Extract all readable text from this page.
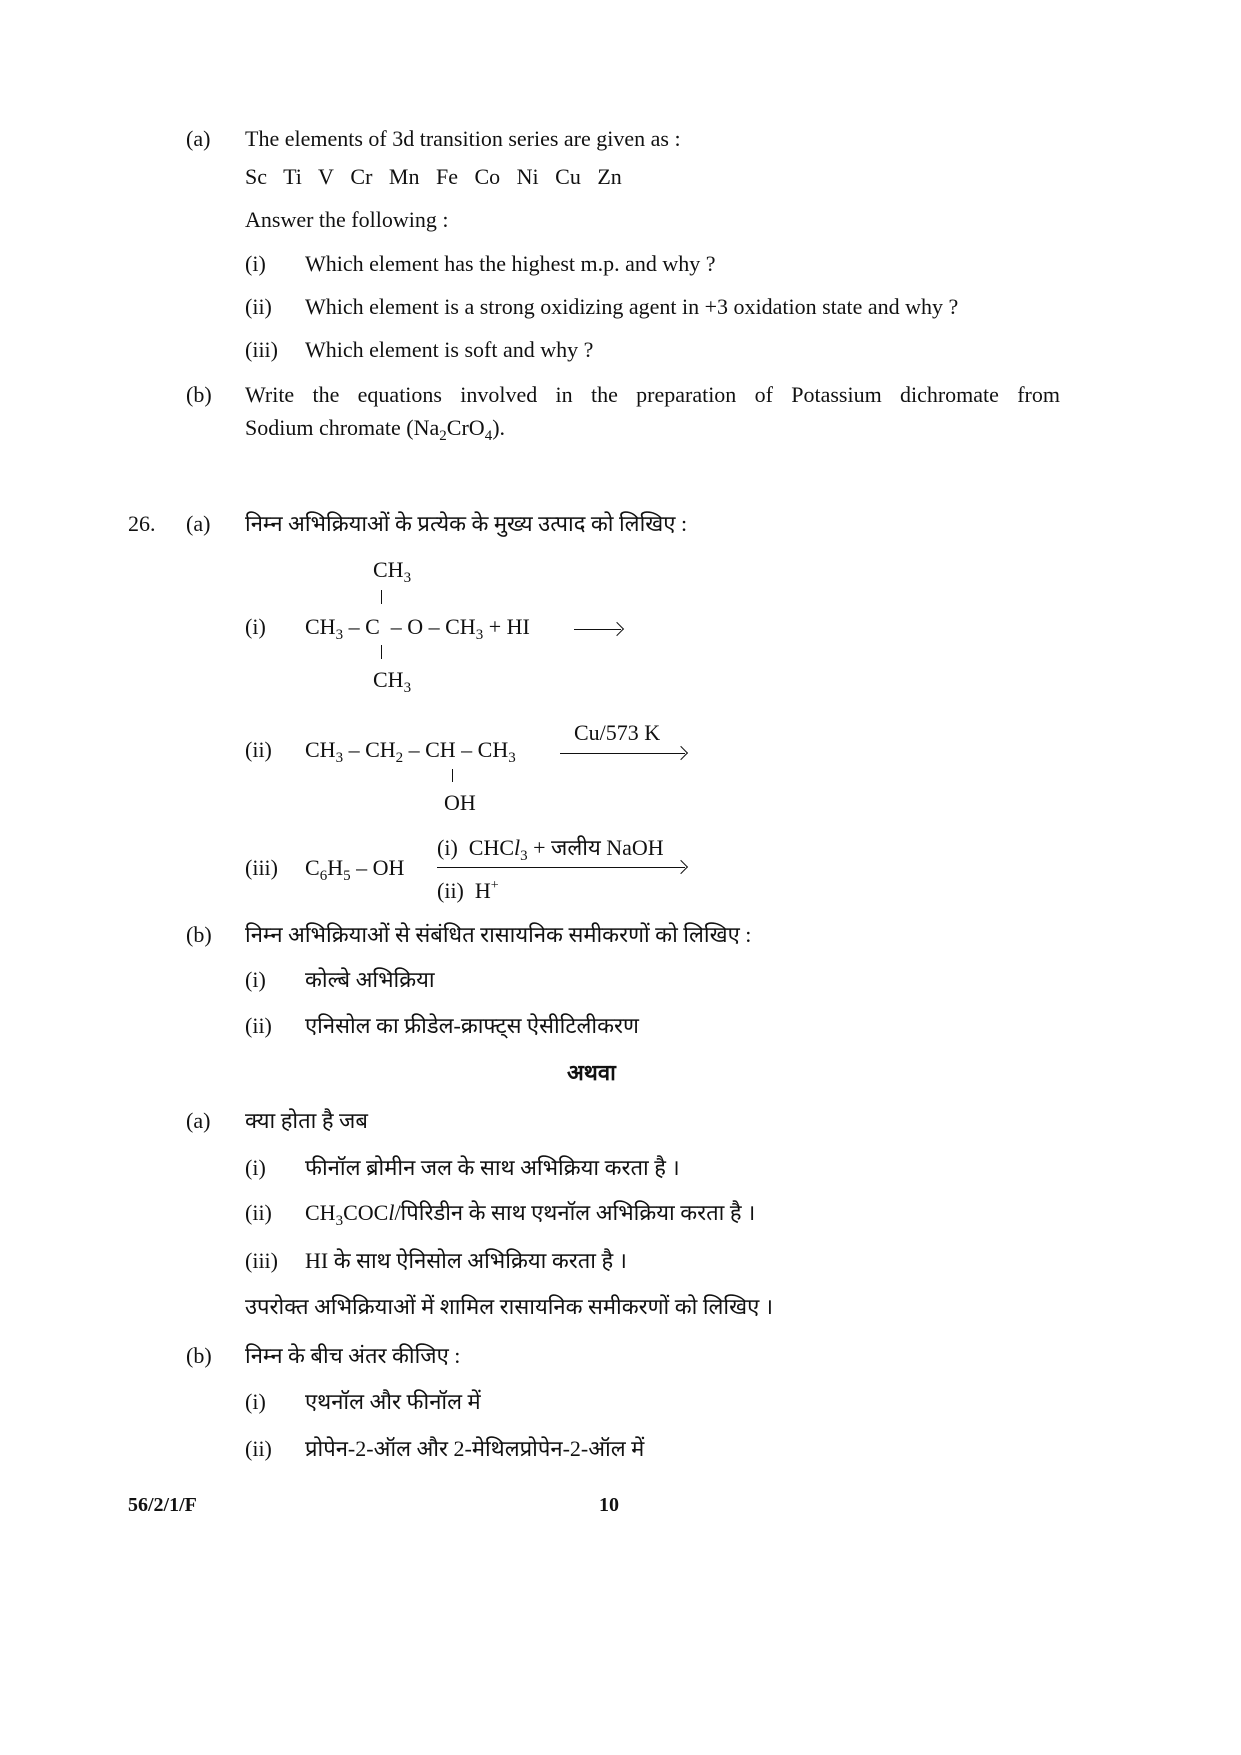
(a) The elements of 3d transition series are given as :
Sc Ti V Cr Mn Fe Co Ni Cu Zn
Answer the following :
(i) Which element has the highest m.p. and why ?
(ii) Which element is a strong oxidizing agent in +3 oxidation state and why ?
(iii) Which element is soft and why ?
(b) Write the equations involved in the preparation of Potassium dichromate from
Sodium chromate $(Na_2CrO_4)$.
26. (a) निम्न अभिक्रियाओं के प्रत्येक के मुख्य उत्पाद को लिखिए :
$CH_3$
(i) $CH_3$ – C  – O – $CH_3$ + HI
$CH_3$
Cu/573 K
(ii) $CH_3 - CH_2$ – CH – $CH_3$
OH
(i)  CHCl$_3$ + जलीय NaOH
(iii) $C_6H_5$ – OH
(ii)  H+
(b) निम्न अभिक्रियाओं से संबंधित रासायनिक समीकरणों को लिखिए :
(i) कोल्बे अभिक्रिया
(ii) एनिसोल का फ्रीडेल-क्राफ्ट्स ऐसीटिलीकरण
अथवा
(a) क्या होता है जब
(i) फीनॉल ब्रोमीन जल के साथ अभिक्रिया करता है ।
(ii) $CH_3COCl/पिरिडीन$ के साथ एथनॉल अभिक्रिया करता है ।
(iii) HI के साथ ऐनिसोल अभिक्रिया करता है ।
उपरोक्त अभिक्रियाओं में शामिल रासायनिक समीकरणों को लिखिए ।
(b) निम्न के बीच अंतर कीजिए :
(i) एथनॉल और फीनॉल में
(ii) प्रोपेन-2-ऑल और 2-मेथिलप्रोपेन-2-ऑल में
56/2/1/F	10
